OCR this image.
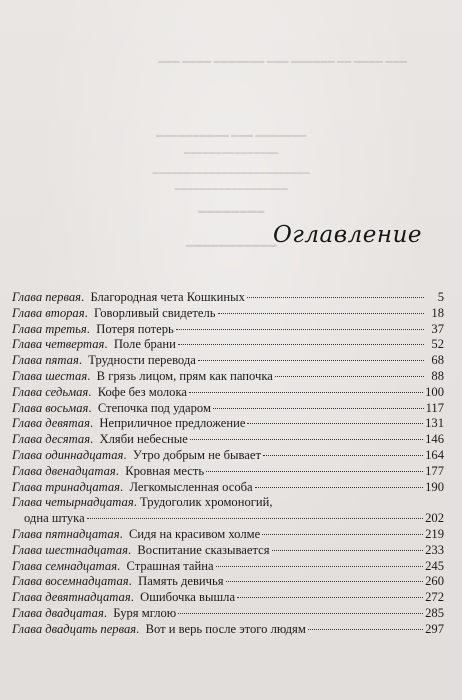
▬▬▬ ▬▬▬▬ ▬▬ ▬▬▬▬▬▬ ▬▬▬ ▬▬▬▬▬▬▬ ▬▬▬▬ ▬▬▬
▬▬▬▬▬▬▬ ▬▬▬ ▬▬▬▬▬▬▬▬▬▬
▬▬▬▬▬▬▬▬▬▬▬▬▬▬▬
▬▬▬▬▬▬▬▬▬▬▬▬▬▬▬▬▬▬▬▬▬▬▬▬▬
▬▬▬▬▬▬▬▬▬▬▬▬▬▬▬▬▬▬
▬▬▬▬▬▬▬▬
▬▬▬▬▬▬▬▬▬▬▬
Оглавление
Глава первая . Благородная чета Кошкиных	5
Глава вторая . Говорливый свидетель	18
Глава третья . Потеря потерь	37
Глава четвертая . Поле брани	52
Глава пятая . Трудности перевода	68
Глава шестая . В грязь лицом, прям как папочка	88
Глава седьмая . Кофе без молока	100
Глава восьмая . Степочка под ударом	117
Глава девятая . Неприличное предложение	131
Глава десятая . Хляби небесные	146
Глава одиннадцатая . Утро добрым не бывает	164
Глава двенадцатая . Кровная месть	177
Глава тринадцатая . Легкомысленная особа	190
Глава четырнадцатая. Трудоголик хромоногий,
одна штука	202
Глава пятнадцатая . Сидя на красивом холме	219
Глава шестнадцатая . Воспитание сказывается	233
Глава семнадцатая . Страшная тайна	245
Глава восемнадцатая . Память девичья	260
Глава девятнадцатая . Ошибочка вышла	272
Глава двадцатая . Буря мглою	285
Глава двадцать первая . Вот и верь после этого людям	297
